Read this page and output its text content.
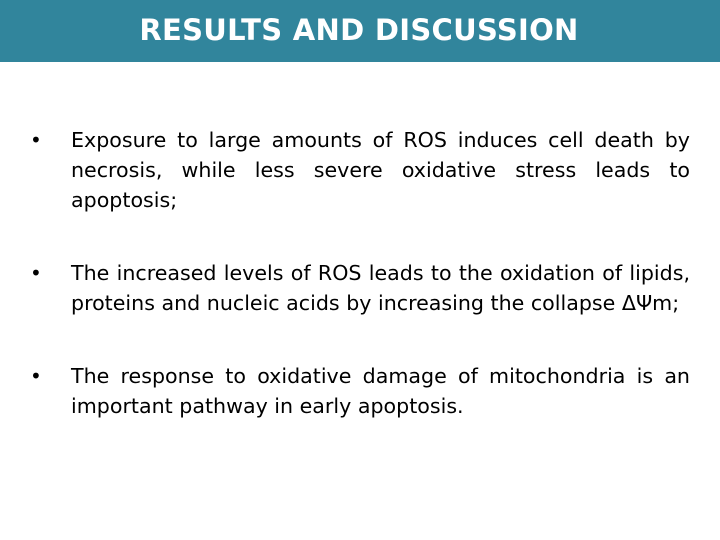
RESULTS AND DISCUSSION
• Exposure to large amounts of ROS induces cell death by necrosis, while less severe oxidative stress leads to apoptosis;
• The increased levels of ROS leads to the oxidation of lipids, proteins and nucleic acids by increasing the collapse ΔΨm;
• The response to oxidative damage of mitochondria is an important pathway in early apoptosis.
